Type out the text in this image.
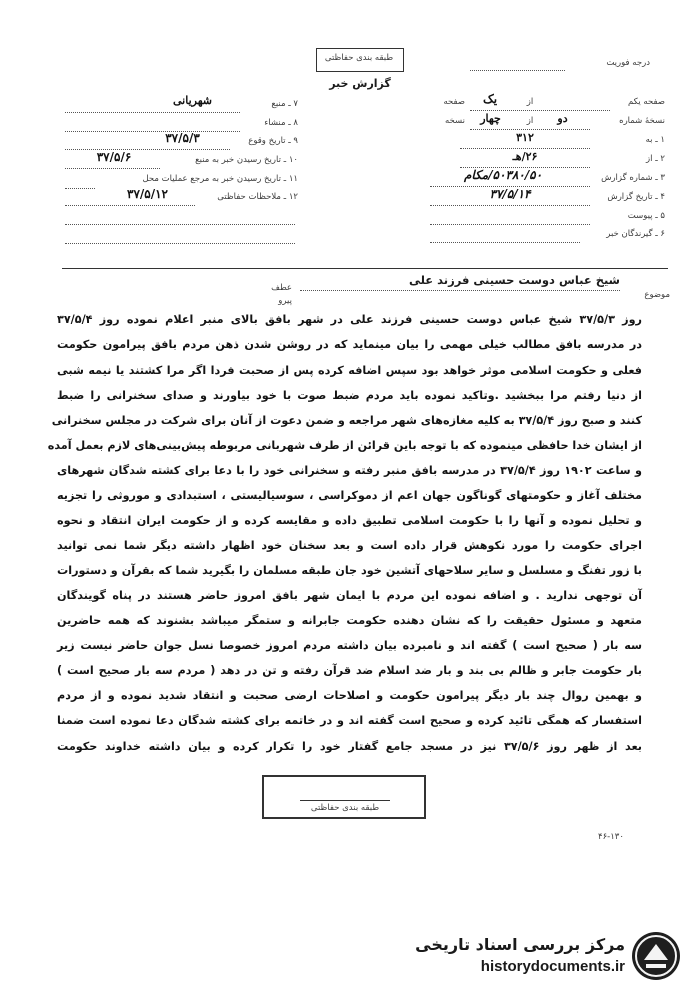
طبقه بندی حفاظتی
گزارش خبر
درجه فوریت
صفحه یکم
یک	از
صفحه
نسخهٔ شماره
دو
از
چهار
نسخه
۱ ـ به
۳۱۲
۲ ـ از
۲۶/هـ
۳ ـ شماره گزارش
۵۰۳۸۰/۵۰/مکام
۴ ـ تاریخ گزارش
۳۷/۵/۱۴
۵ ـ پیوست
۶ ـ گیرندگان خبر
۷ ـ منبع
شهریانی
۸ ـ منشاء
۹ ـ تاریخ وقوع
۳۷/۵/۳
۱۰ ـ تاریخ رسیدن خبر به منبع
۳۷/۵/۶
۱۱ ـ تاریخ رسیدن خبر به مرجع عملیات محل
۱۲ ـ ملاحظات حفاظتی
۳۷/۵/۱۲
موضوع
شیخ عباس دوست حسینی فرزند علی
عطف
پیرو
روز ۳۷/۵/۳ شیخ عباس دوست حسینی فرزند علی در شهر بافق بالای منبر اعلام نموده روز ۳۷/۵/۴
در مدرسه بافق مطالب خیلی مهمی را بیان مینماید که در روشن شدن ذهن مردم بافق پیرامون حکومت
فعلی و حکومت اسلامی موثر خواهد بود سپس اضافه کرده پس از صحبت فردا اگر مرا کشتند یا نیمه شبی
از دنیا رفتم مرا ببخشید .وتاکید نموده باید مردم ضبط صوت با خود بیاورند و صدای سخنرانی را ضبط
کنند و صبح روز ۳۷/۵/۴ به کلیه مغازه‌های شهر مراجعه و ضمن دعوت از آنان برای شرکت در مجلس سخنرانی
از ایشان خدا حافظی مینموده که با توجه باین قرائن از طرف شهربانی مربوطه پیش‌بینی‌های لازم بعمل آمده
و ساعت ۱۹۰۲ روز ۳۷/۵/۴ در مدرسه بافق منبر رفته و سخنرانی خود را با دعا برای کشته شدگان شهرهای
مختلف آغاز و حکومتهای گوناگون جهان اعم از دموکراسی ، سوسیالیستی ، استبدادی و موروثی را تجزیه
و تحلیل نموده و آنها را با حکومت اسلامی تطبیق داده و مقایسه کرده و از حکومت ایران انتقاد و نحوه
اجرای حکومت را مورد نکوهش قرار داده است و بعد سخنان خود اظهار داشته دیگر شما نمی توانید
با زور تفنگ و مسلسل و سایر سلاحهای آتشین خود جان طبقه مسلمان را بگیرید شما که بقرآن و دستورات
آن توجهی ندارید . و اضافه نموده این مردم با ایمان شهر بافق امروز حاضر هستند در پناه گویندگان
متعهد و مسئول حقیقت را که نشان دهنده حکومت جابرانه و ستمگر میباشد بشنوند که همه حاضرین
سه بار ( صحیح است ) گفته اند و نامبرده بیان داشته مردم امروز خصوصا نسل جوان حاضر نیست زیر
بار حکومت جابر و ظالم بی بند و بار ضد اسلام ضد قرآن رفته و تن در دهد ( مردم سه بار صحیح است )
و بهمین روال چند بار دیگر پیرامون حکومت و اصلاحات ارضی صحبت و انتقاد شدید نموده و از مردم
استفسار که همگی تائید کرده و صحیح است گفته اند و در خاتمه برای کشته شدگان دعا نموده است ضمنا
بعد از ظهر روز ۳۷/۵/۶ نیز در مسجد جامع گفتار خود را تکرار کرده و بیان داشته خداوند حکومت
طبقه بندی حفاظتی
۴۶-۱۳۰
مرکز بررسی اسناد تاریخی
historydocuments.ir
